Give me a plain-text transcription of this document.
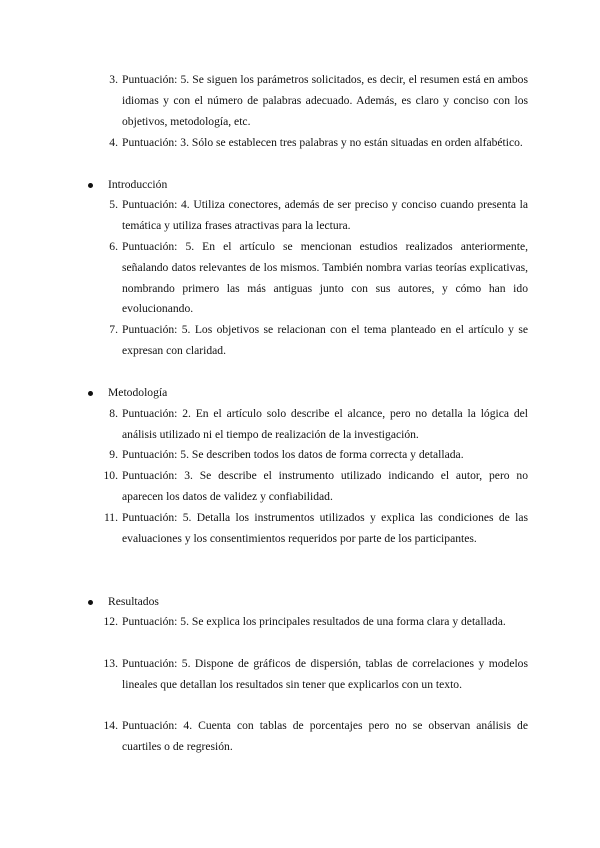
3. Puntuación: 5. Se siguen los parámetros solicitados, es decir, el resumen está en ambos idiomas y con el número de palabras adecuado. Además, es claro y conciso con los objetivos, metodología, etc.
4. Puntuación: 3. Sólo se establecen tres palabras y no están situadas en orden alfabético.
Introducción
5. Puntuación: 4. Utiliza conectores, además de ser preciso y conciso cuando presenta la temática y utiliza frases atractivas para la lectura.
6. Puntuación: 5. En el artículo se mencionan estudios realizados anteriormente, señalando datos relevantes de los mismos. También nombra varias teorías explicativas, nombrando primero las más antiguas junto con sus autores, y cómo han ido evolucionando.
7. Puntuación: 5. Los objetivos se relacionan con el tema planteado en el artículo y se expresan con claridad.
Metodología
8. Puntuación: 2. En el artículo solo describe el alcance, pero no detalla la lógica del análisis utilizado ni el tiempo de realización de la investigación.
9. Puntuación: 5. Se describen todos los datos de forma correcta y detallada.
10. Puntuación: 3. Se describe el instrumento utilizado indicando el autor, pero no aparecen los datos de validez y confiabilidad.
11. Puntuación: 5. Detalla los instrumentos utilizados y explica las condiciones de las evaluaciones y los consentimientos requeridos por parte de los participantes.
Resultados
12. Puntuación: 5. Se explica los principales resultados de una forma clara y detallada.
13. Puntuación: 5. Dispone de gráficos de dispersión, tablas de correlaciones y modelos lineales que detallan los resultados sin tener que explicarlos con un texto.
14. Puntuación: 4. Cuenta con tablas de porcentajes pero no se observan análisis de cuartiles o de regresión.
